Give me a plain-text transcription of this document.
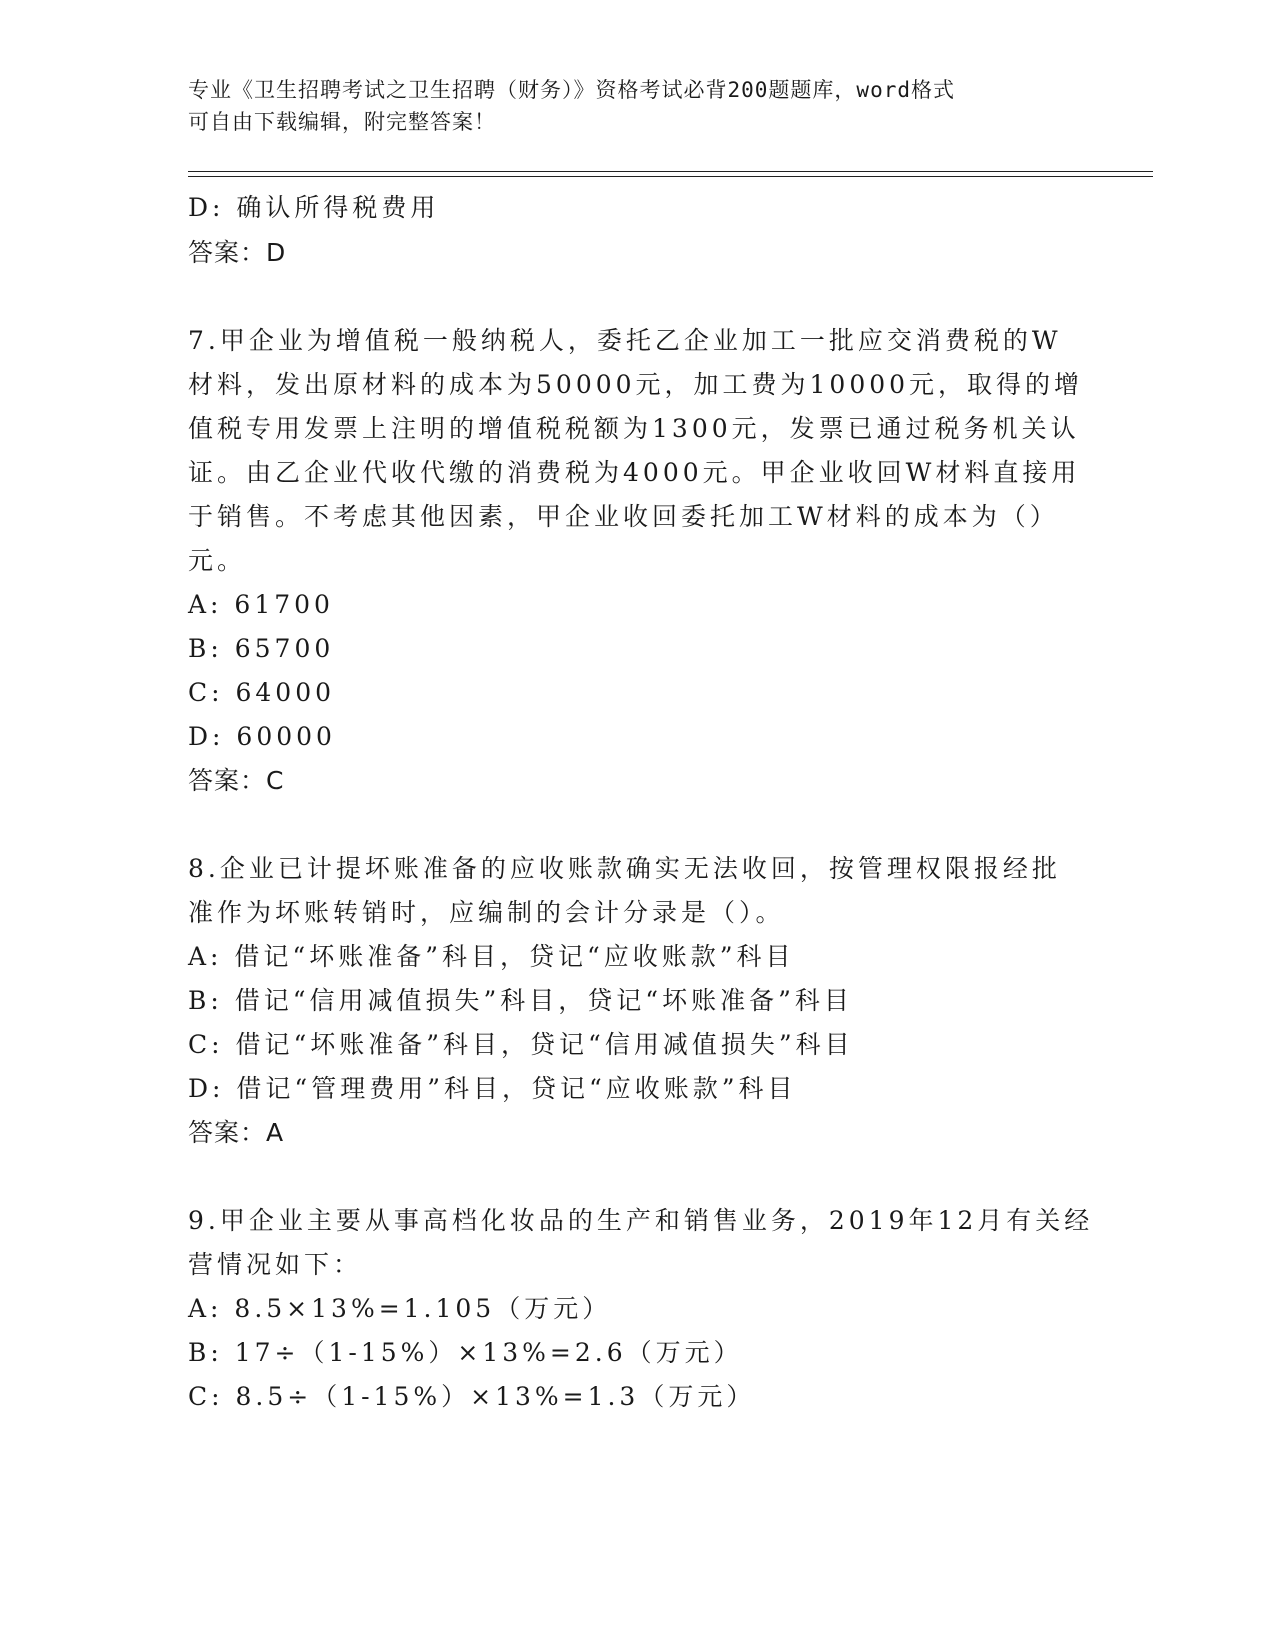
专业《卫生招聘考试之卫生招聘（财务）》资格考试必背200题题库，word格式
可自由下载编辑，附完整答案！
D: 确认所得税费用
答案：D
7.甲企业为增值税一般纳税人，委托乙企业加工一批应交消费税的W
材料，发出原材料的成本为50000元，加工费为10000元，取得的增
值税专用发票上注明的增值税税额为1300元，发票已通过税务机关认
证。由乙企业代收代缴的消费税为4000元。甲企业收回W材料直接用
于销售。不考虑其他因素，甲企业收回委托加工W材料的成本为（）
元。
A: 61700
B: 65700
C: 64000
D: 60000
答案：C
8.企业已计提坏账准备的应收账款确实无法收回，按管理权限报经批
准作为坏账转销时，应编制的会计分录是（）。
A: 借记“坏账准备”科目，贷记“应收账款”科目
B: 借记“信用减值损失”科目，贷记“坏账准备”科目
C: 借记“坏账准备”科目，贷记“信用减值损失”科目
D: 借记“管理费用”科目，贷记“应收账款”科目
答案：A
9.甲企业主要从事高档化妆品的生产和销售业务，2019年12月有关经
营情况如下：
A: 8.5×13%=1.105（万元）
B: 17÷（1-15%）×13%=2.6（万元）
C: 8.5÷（1-15%）×13%=1.3（万元）
